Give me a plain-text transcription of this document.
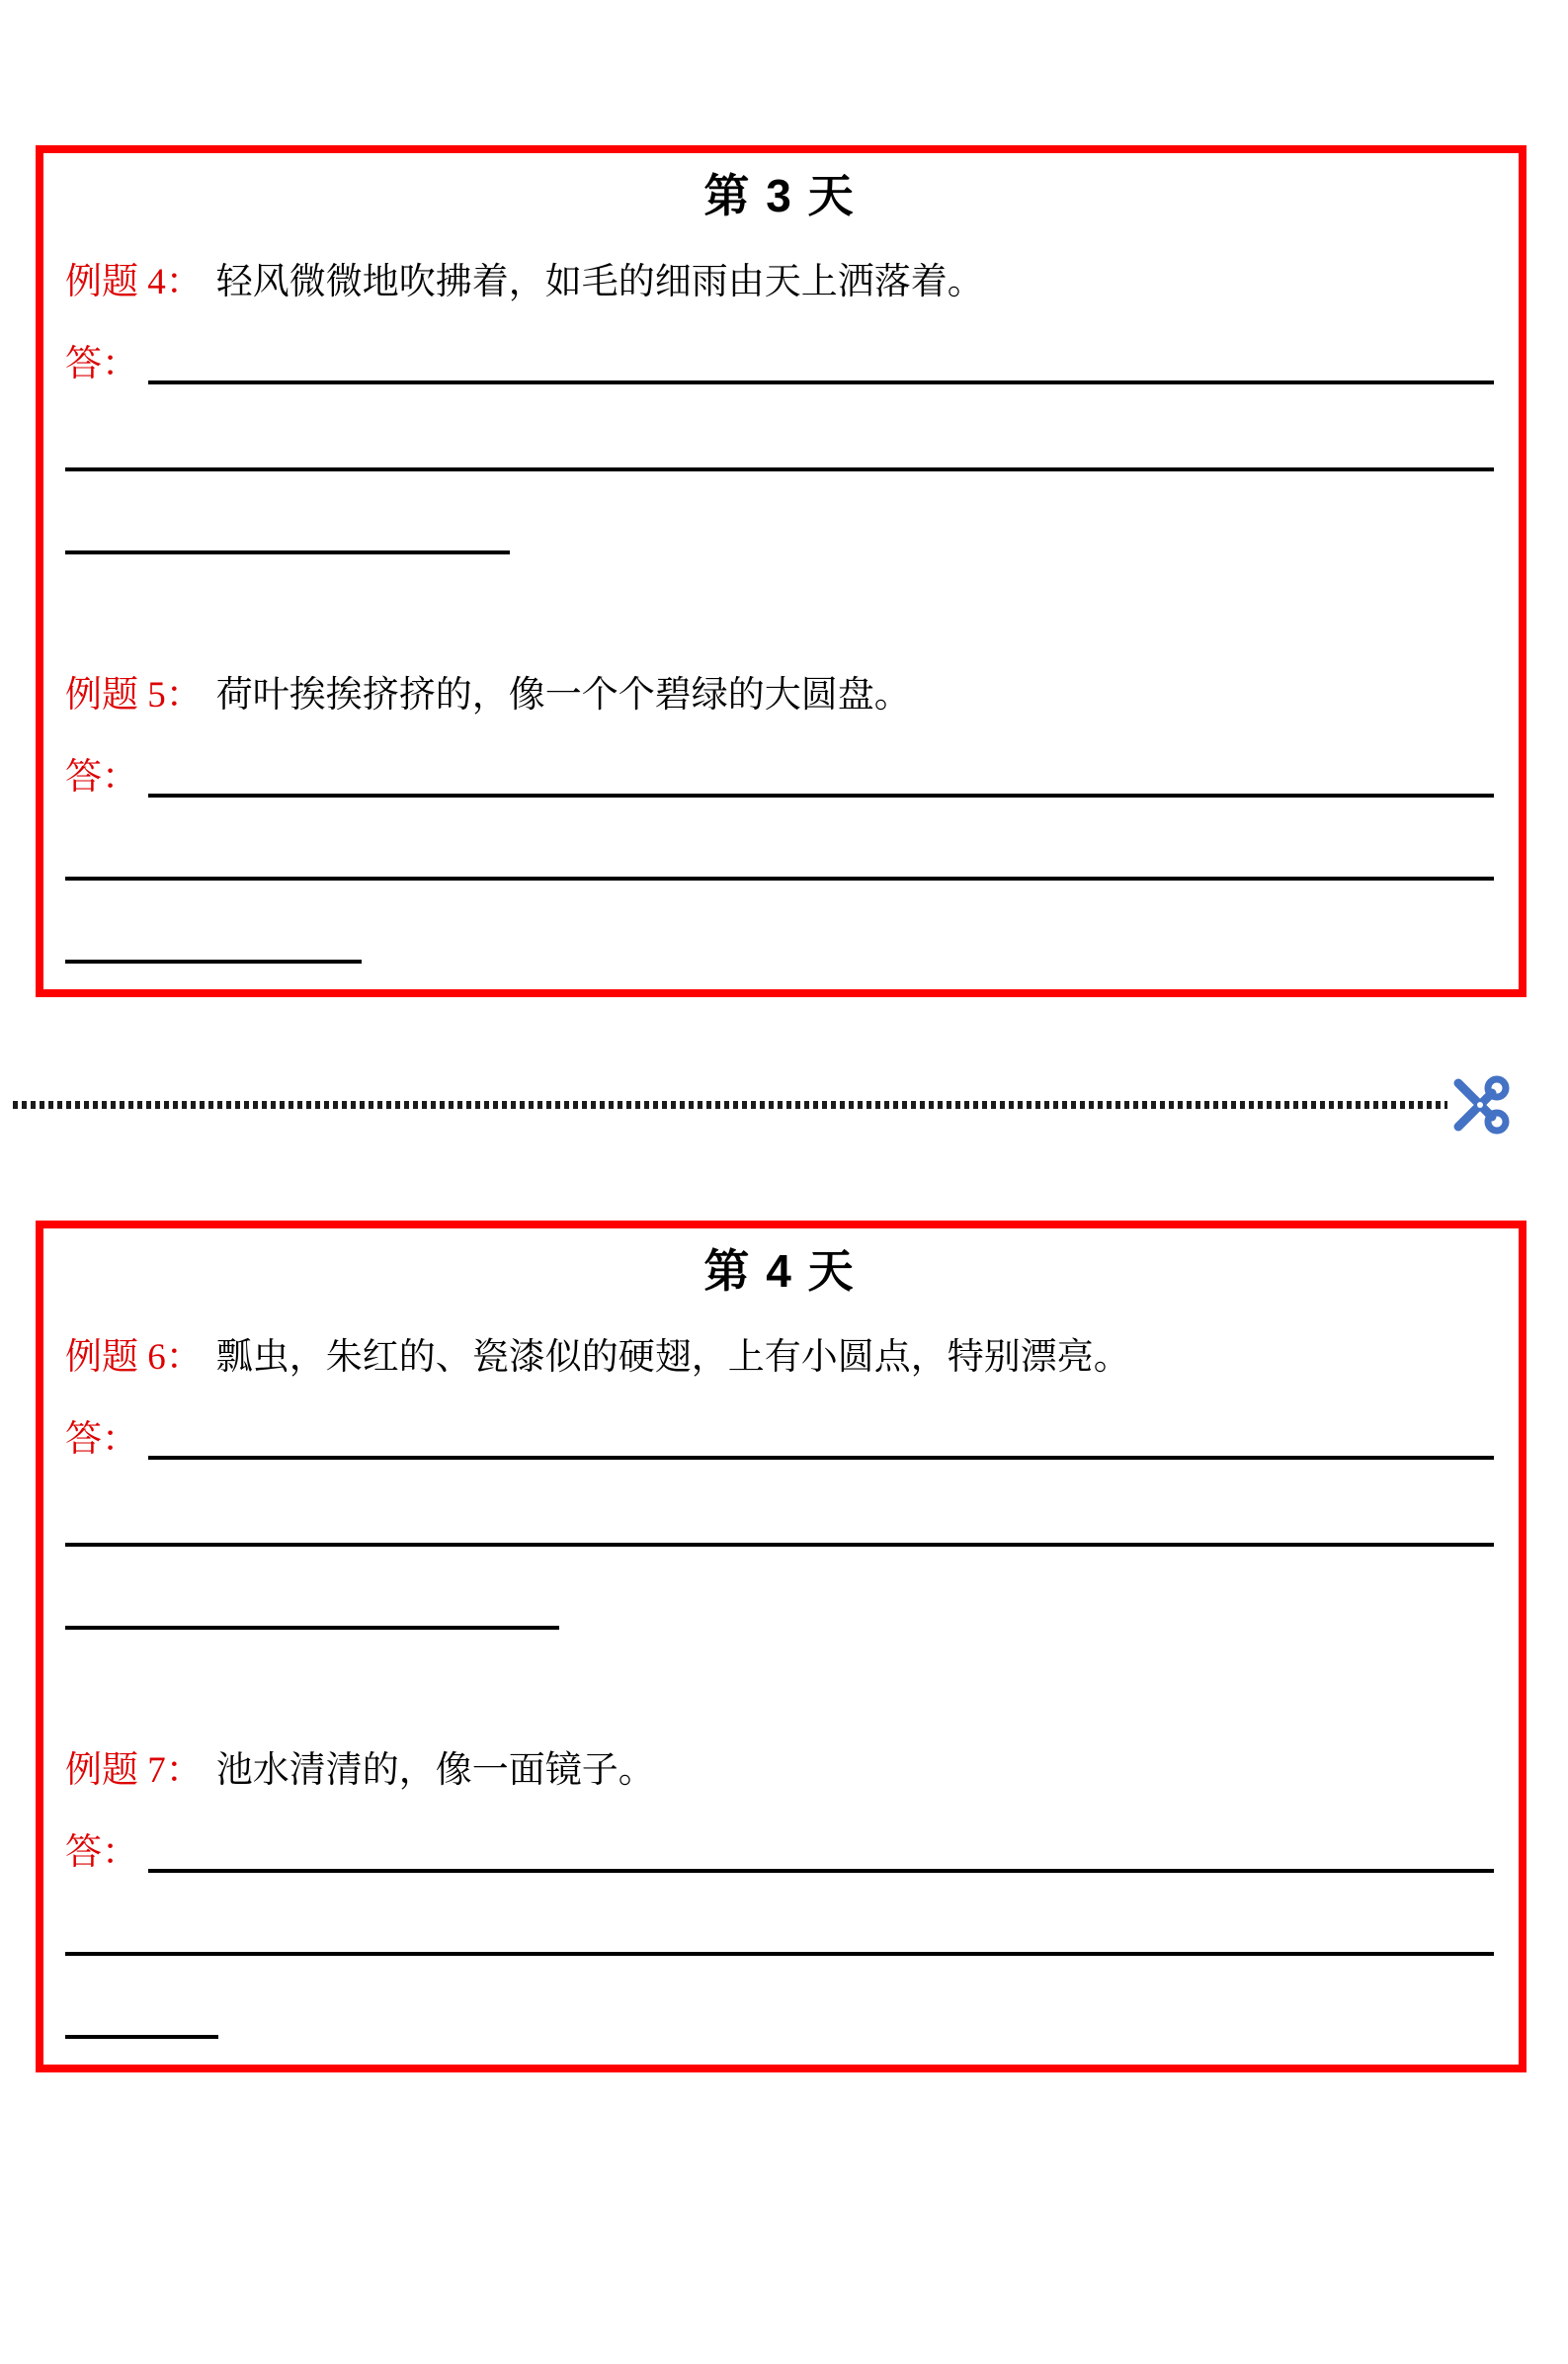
第 3 天
例题 4： 轻风微微地吹拂着，如毛的细雨由天上洒落着。
答：
例题 5： 荷叶挨挨挤挤的，像一个个碧绿的大圆盘。
答：
第 4 天
例题 6： 瓢虫，朱红的、瓷漆似的硬翅，上有小圆点，特别漂亮。
答：
例题 7： 池水清清的，像一面镜子。
答：
